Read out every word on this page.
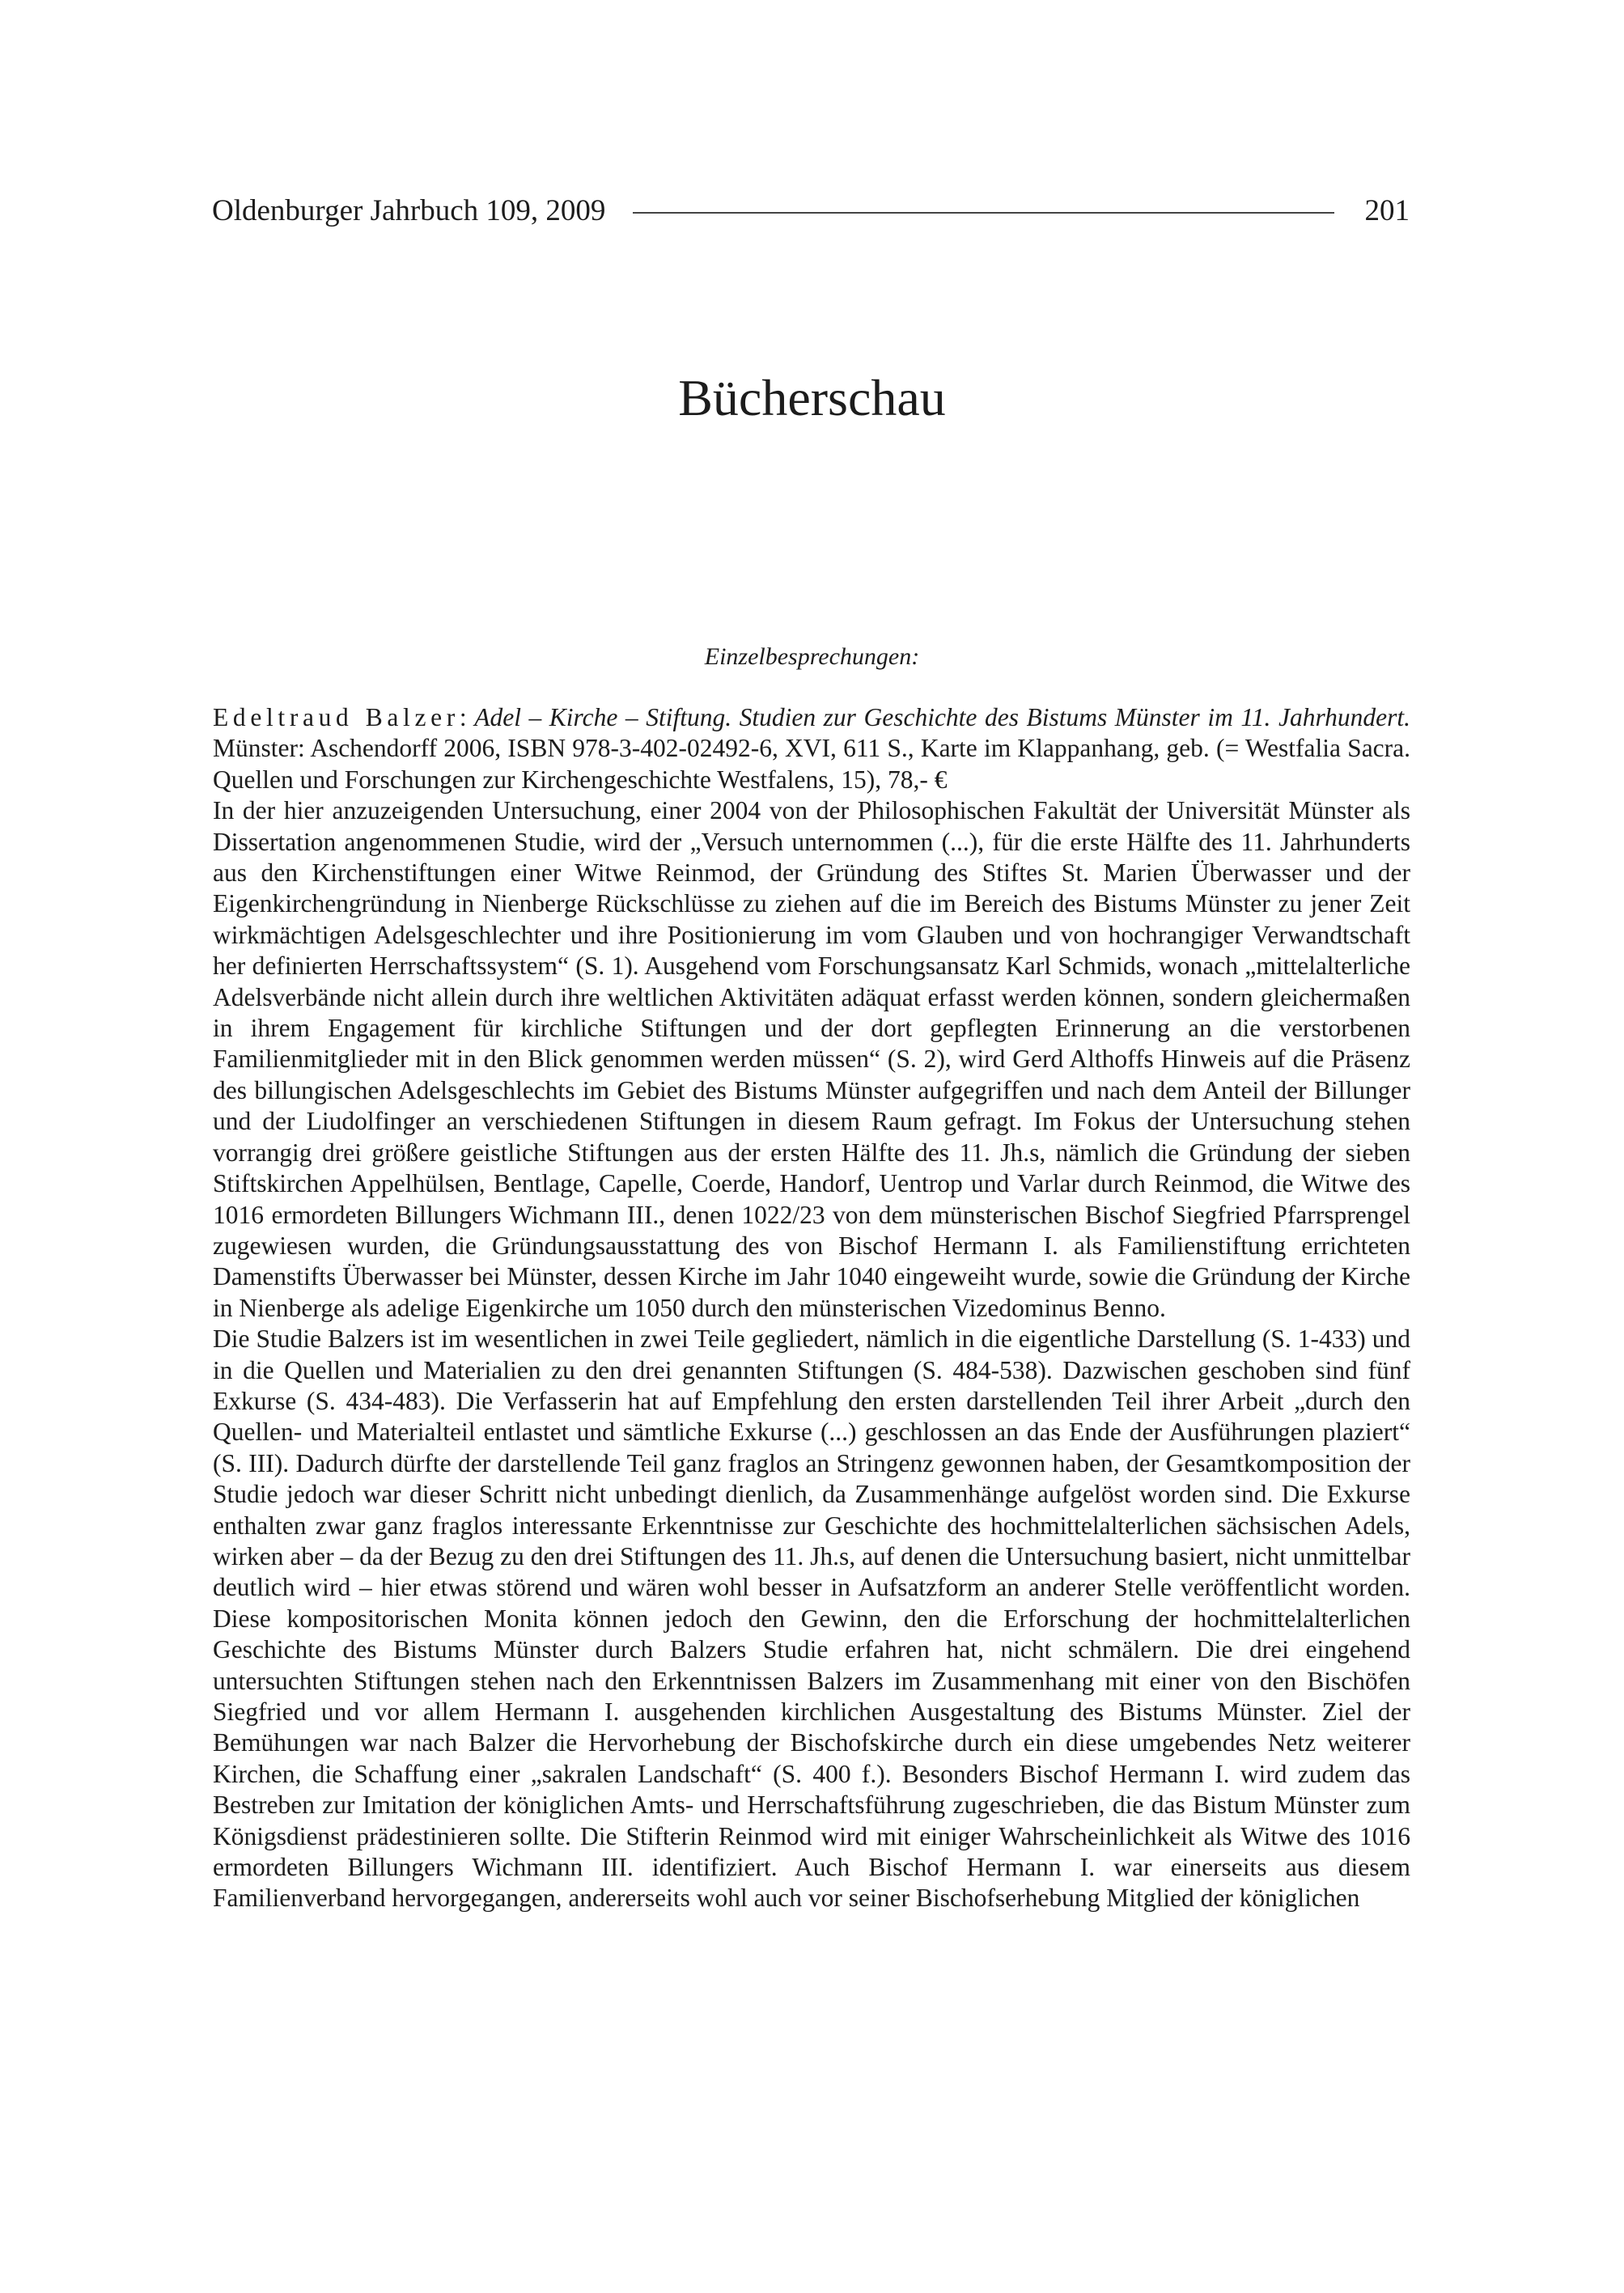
Oldenburger Jahrbuch 109, 2009	201
Bücherschau
Einzelbesprechungen:

Edeltraud Balzer: Adel – Kirche – Stiftung. Studien zur Geschichte des Bistums Münster im 11. Jahrhundert. Münster: Aschendorff 2006, ISBN 978-3-402-02492-6, XVI, 611 S., Karte im Klappanhang, geb. (= Westfalia Sacra. Quellen und Forschungen zur Kirchengeschichte Westfalens, 15), 78,- €

In der hier anzuzeigenden Untersuchung, einer 2004 von der Philosophischen Fakultät der Universität Münster als Dissertation angenommenen Studie, wird der „Versuch unternommen (...), für die erste Hälfte des 11. Jahrhunderts aus den Kirchenstiftungen einer Witwe Reinmod, der Gründung des Stiftes St. Marien Überwasser und der Eigenkirchengründung in Nienberge Rückschlüsse zu ziehen auf die im Bereich des Bistums Münster zu jener Zeit wirkmächtigen Adelsgeschlechter und ihre Positionierung im vom Glauben und von hochrangiger Verwandtschaft her definierten Herrschaftssystem“ (S. 1). Ausgehend vom Forschungsansatz Karl Schmids, wonach „mittelalterliche Adelsverbände nicht allein durch ihre weltlichen Aktivitäten adäquat erfasst werden können, sondern gleichermaßen in ihrem Engagement für kirchliche Stiftungen und der dort gepflegten Erinnerung an die verstorbenen Familienmitglieder mit in den Blick genommen werden müssen“ (S. 2), wird Gerd Althoffs Hinweis auf die Präsenz des billungischen Adelsgeschlechts im Gebiet des Bistums Münster aufgegriffen und nach dem Anteil der Billunger und der Liudolfinger an verschiedenen Stiftungen in diesem Raum gefragt. Im Fokus der Untersuchung stehen vorrangig drei größere geistliche Stiftungen aus der ersten Hälfte des 11. Jh.s, nämlich die Gründung der sieben Stiftskirchen Appelhülsen, Bentlage, Capelle, Coerde, Handorf, Uentrop und Varlar durch Reinmod, die Witwe des 1016 ermordeten Billungers Wichmann III., denen 1022/23 von dem münsterischen Bischof Siegfried Pfarrsprengel zugewiesen wurden, die Gründungsausstattung des von Bischof Hermann I. als Familienstiftung errichteten Damenstifts Überwasser bei Münster, dessen Kirche im Jahr 1040 eingeweiht wurde, sowie die Gründung der Kirche in Nienberge als adelige Eigenkirche um 1050 durch den münsterischen Vizedominus Benno.

Die Studie Balzers ist im wesentlichen in zwei Teile gegliedert, nämlich in die eigentliche Darstellung (S. 1-433) und in die Quellen und Materialien zu den drei genannten Stiftungen (S. 484-538). Dazwischen geschoben sind fünf Exkurse (S. 434-483). Die Verfasserin hat auf Empfehlung den ersten darstellenden Teil ihrer Arbeit „durch den Quellen- und Materialteil entlastet und sämtliche Exkurse (...) geschlossen an das Ende der Ausführungen plaziert“ (S. III). Dadurch dürfte der darstellende Teil ganz fraglos an Stringenz gewonnen haben, der Gesamtkomposition der Studie jedoch war dieser Schritt nicht unbedingt dienlich, da Zusammenhänge aufgelöst worden sind. Die Exkurse enthalten zwar ganz fraglos interessante Erkenntnisse zur Geschichte des hochmittelalterlichen sächsischen Adels, wirken aber – da der Bezug zu den drei Stiftungen des 11. Jh.s, auf denen die Untersuchung basiert, nicht unmittelbar deutlich wird – hier etwas störend und wären wohl besser in Aufsatzform an anderer Stelle veröffentlicht worden. Diese kompositorischen Monita können jedoch den Gewinn, den die Erforschung der hochmittelalterlichen Geschichte des Bistums Münster durch Balzers Studie erfahren hat, nicht schmälern. Die drei eingehend untersuchten Stiftungen stehen nach den Erkenntnissen Balzers im Zusammenhang mit einer von den Bischöfen Siegfried und vor allem Hermann I. ausgehenden kirchlichen Ausgestaltung des Bistums Münster. Ziel der Bemühungen war nach Balzer die Hervorhebung der Bischofskirche durch ein diese umgebendes Netz weiterer Kirchen, die Schaffung einer „sakralen Landschaft“ (S. 400 f.). Besonders Bischof Hermann I. wird zudem das Bestreben zur Imitation der königlichen Amts- und Herrschaftsführung zugeschrieben, die das Bistum Münster zum Königsdienst prädestinieren sollte. Die Stifterin Reinmod wird mit einiger Wahrscheinlichkeit als Witwe des 1016 ermordeten Billungers Wichmann III. identifiziert. Auch Bischof Hermann I. war einerseits aus diesem Familienverband hervorgegangen, andererseits wohl auch vor seiner Bischofserhebung Mitglied der königlichen
